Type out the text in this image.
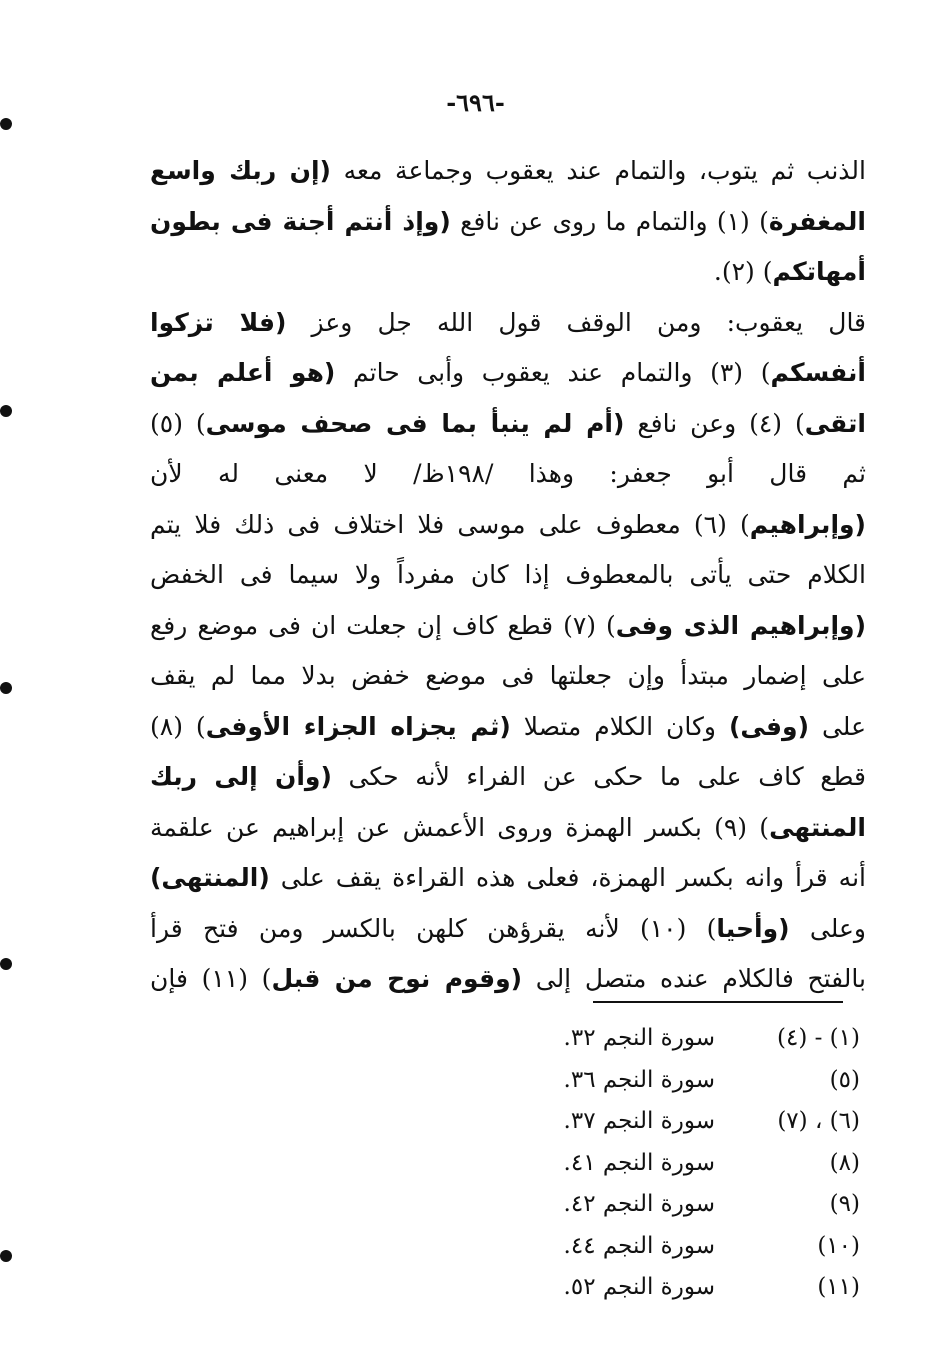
-٦٩٦-
الذنب ثم يتوب، والتمام عند يعقوب وجماعة معه (إن ربك واسع
المغفرة) (١) والتمام ما روى عن نافع (وإذ أنتم أجنة فى بطون
أمهاتكم) (٢).
قال يعقوب: ومن الوقف قول الله جل وعز (فلا تزكوا
أنفسكم) (٣) والتمام عند يعقوب وأبى حاتم (هو أعلم بمن
اتقى) (٤) وعن نافع (أم لم ينبأ بما فى صحف موسى) (٥)
ثم قال أبو جعفر: وهذا /١٩٨ظ/ لا معنى له لأن
(وإبراهيم) (٦) معطوف على موسى فلا اختلاف فى ذلك فلا يتم
الكلام حتى يأتى بالمعطوف إذا كان مفرداً ولا سيما فى الخفض
(وإبراهيم الذى وفى) (٧) قطع كاف إن جعلت ان فى موضع رفع
على إضمار مبتدأ وإن جعلتها فى موضع خفض بدلا مما لم يقف
على (وفى) وكان الكلام متصلا (ثم يجزاه الجزاء الأوفى) (٨)
قطع كاف على ما حكى عن الفراء لأنه حكى (وأن إلى ربك
المنتهى) (٩) بكسر الهمزة وروى الأعمش عن إبراهيم عن علقمة
أنه قرأ وانه بكسر الهمزة، فعلى هذه القراءة يقف على (المنتهى)
وعلى (وأحيا) (١٠) لأنه يقرؤهن كلهن بالكسر ومن فتح قرأ
بالفتح فالكلام عنده متصل إلى (وقوم نوح من قبل) (١١) فإن
(١) - (٤)
سورة النجم ٣٢.
(٥)
سورة النجم ٣٦.
(٦) ، (٧)
سورة النجم ٣٧.
(٨)
سورة النجم ٤١.
(٩)
سورة النجم ٤٢.
(١٠)
سورة النجم ٤٤.
(١١)
سورة النجم ٥٢.
